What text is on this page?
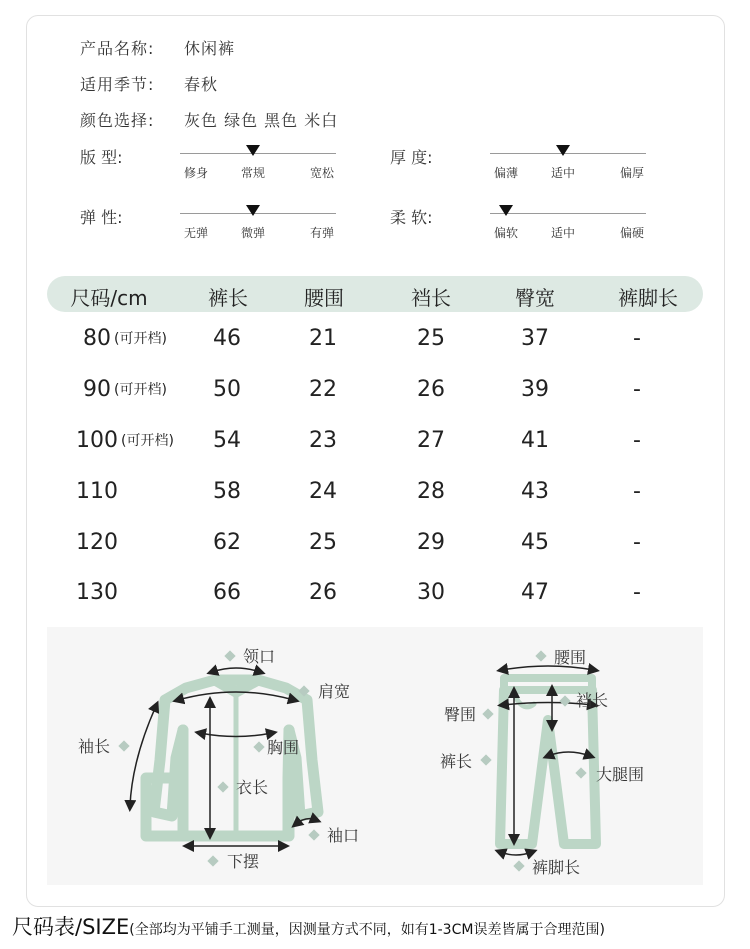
产品名称: 休闲裤
适用季节: 春秋
颜色选择: 灰色 绿色 黑色 米白
版 型:
修身	常规	宽松
厚 度:
偏薄	适中	偏厚
弹 性:
无弹	微弹	有弹
柔 软:
偏软	适中	偏硬
尺码/cm	裤长	腰围	裆长	臀宽	裤脚长
80 (可开档) 46	21	25	37	-
90 (可开档) 50	22	26	39	-
100 (可开档) 54	23	27	41	-
110	58	24	28	43	-
120	62	25	29	45	-
130	66	26	30	47	-
领口
肩宽
袖长	胸围
衣长
袖口
下摆
腰围
臀围
裆长
裤长
大腿围
裤脚长
尺码表/SIZE(全部均为平铺手工测量，因测量方式不同，如有1-3CM误差皆属于合理范围)
